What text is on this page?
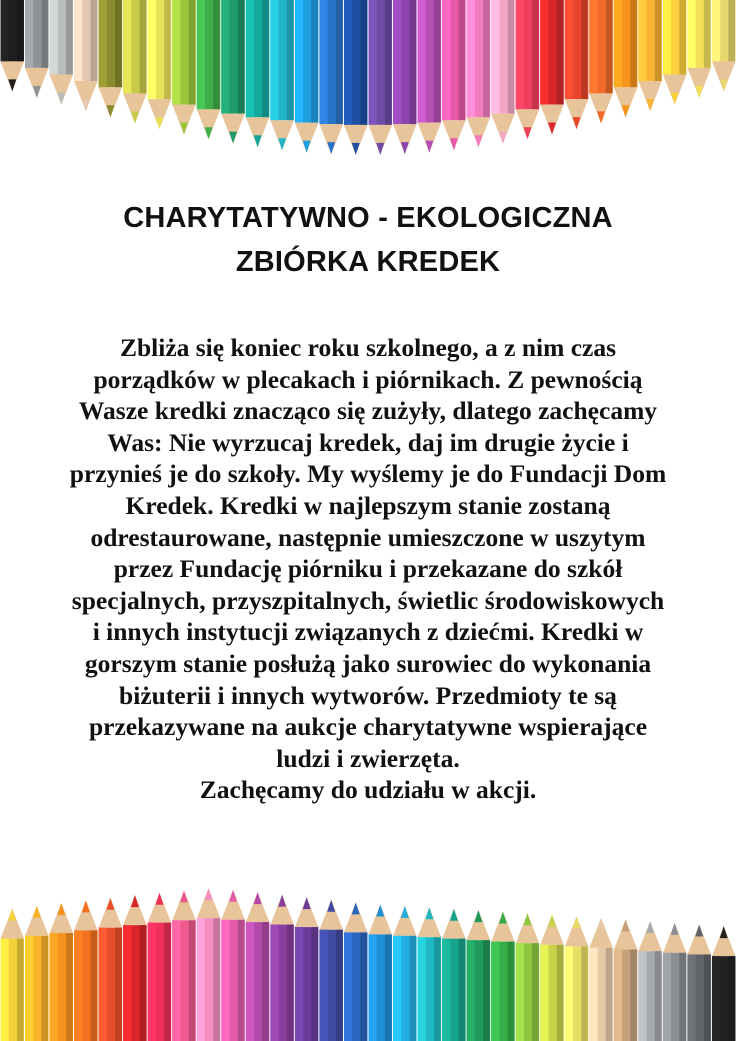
CHARYTATYWNO - EKOLOGICZNA
ZBIÓRKA KREDEK
Zbliża się koniec roku szkolnego, a z nim czas
porządków w plecakach i piórnikach. Z pewnością
Wasze kredki znacząco się zużyły, dlatego zachęcamy
Was: Nie wyrzucaj kredek, daj im drugie życie i
przynieś je do szkoły. My wyślemy je do Fundacji Dom
Kredek. Kredki w najlepszym stanie zostaną
odrestaurowane, następnie umieszczone w uszytym
przez Fundację piórniku i przekazane do szkół
specjalnych, przyszpitalnych, świetlic środowiskowych
i innych instytucji związanych z dziećmi. Kredki w
gorszym stanie posłużą jako surowiec do wykonania
biżuterii i innych wytworów. Przedmioty te są
przekazywane na aukcje charytatywne wspierające
ludzi i zwierzęta.
Zachęcamy do udziału w akcji.
